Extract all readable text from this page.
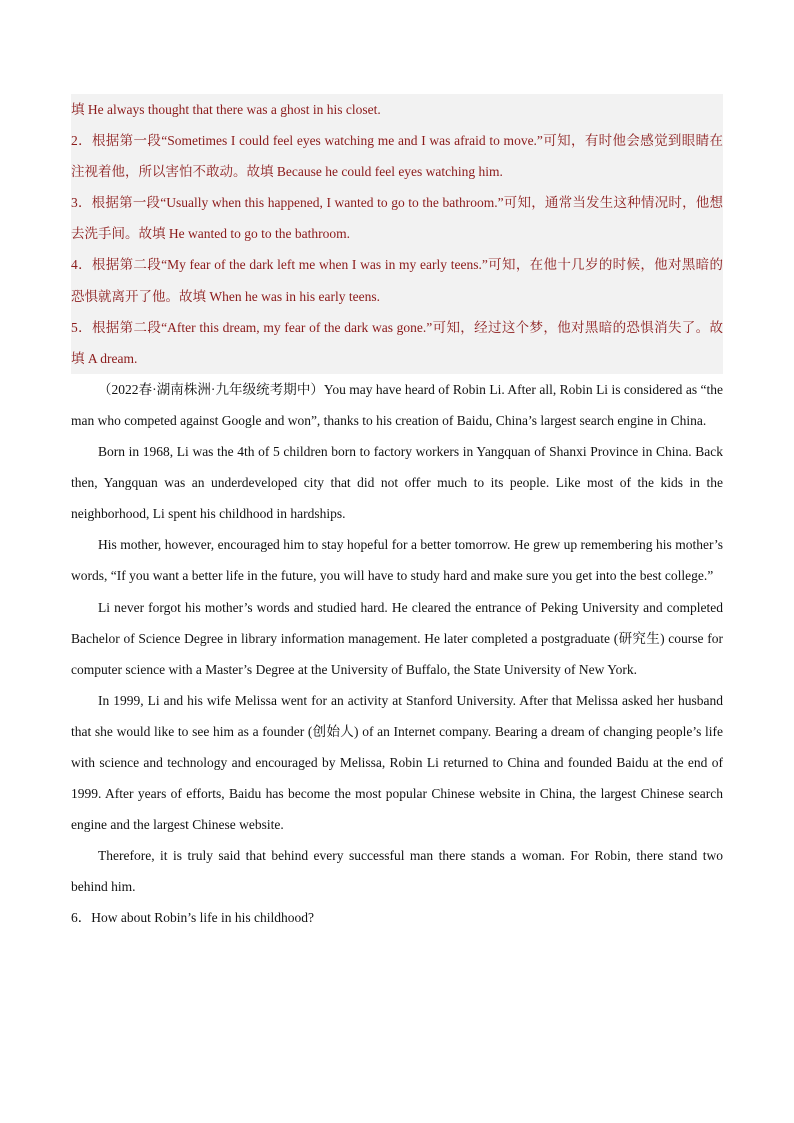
填 He always thought that there was a ghost in his closet.

2．根据第一段“Sometimes I could feel eyes watching me and I was afraid to move.”可知，有时他会感觉到眼睛在注视着他，所以害怕不敢动。故填 Because he could feel eyes watching him.

3．根据第一段“Usually when this happened, I wanted to go to the bathroom.”可知，通常当发生这种情况时，他想去洗手间。故填 He wanted to go to the bathroom.

4．根据第二段“My fear of the dark left me when I was in my early teens.”可知，在他十几岁的时候，他对黑暗的恐惧就离开了他。故填 When he was in his early teens.

5．根据第二段“After this dream, my fear of the dark was gone.”可知，经过这个梦，他对黑暗的恐惧消失了。故填 A dream.

（2022春·湖南株洲·九年级统考期中）You may have heard of Robin Li. After all, Robin Li is considered as “the man who competed against Google and won”, thanks to his creation of Baidu, China’s largest search engine in China.

Born in 1968, Li was the 4th of 5 children born to factory workers in Yangquan of Shanxi Province in China. Back then, Yangquan was an underdeveloped city that did not offer much to its people. Like most of the kids in the neighborhood, Li spent his childhood in hardships.

His mother, however, encouraged him to stay hopeful for a better tomorrow. He grew up remembering his mother’s words, “If you want a better life in the future, you will have to study hard and make sure you get into the best college.”

Li never forgot his mother’s words and studied hard. He cleared the entrance of Peking University and completed Bachelor of Science Degree in library information management. He later completed a postgraduate (研究生) course for computer science with a Master’s Degree at the University of Buffalo, the State University of New York.

In 1999, Li and his wife Melissa went for an activity at Stanford University. After that Melissa asked her husband that she would like to see him as a founder (创始人) of an Internet company. Bearing a dream of changing people’s life with science and technology and encouraged by Melissa, Robin Li returned to China and founded Baidu at the end of 1999. After years of efforts, Baidu has become the most popular Chinese website in China, the largest Chinese search engine and the largest Chinese website.

Therefore, it is truly said that behind every successful man there stands a woman. For Robin, there stand two behind him.

6．How about Robin’s life in his childhood?
